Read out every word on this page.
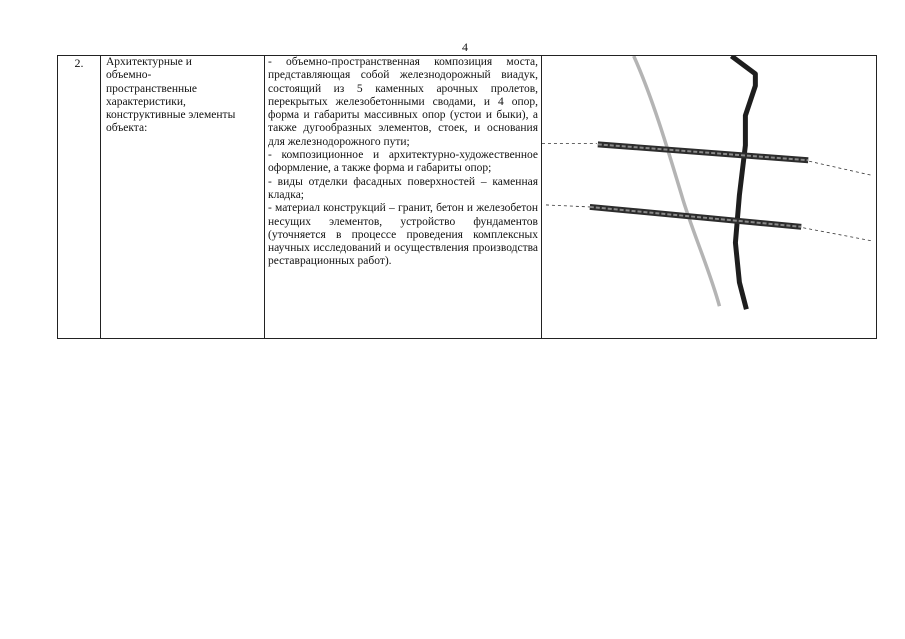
4
2.	Архитектурные и
объемно-
пространственные
характеристики,
конструктивные элементы
объекта:

- объемно-пространственная композиция моста, представляющая собой железнодорожный виадук, состоящий из 5 каменных арочных пролетов, перекрытых железобетонными сводами, и 4 опор, форма и габариты массивных опор (устои и быки), а также дугообразных элементов, стоек, и основания для железнодорожного пути;

- композиционное и архитектурно-художественное оформление, а также форма и габариты опор;

- виды отделки фасадных поверхностей – каменная кладка;

- материал конструкций – гранит, бетон и железобетон несущих элементов, устройство фундаментов (уточняется в процессе проведения комплексных научных исследований и осуществления производства реставрационных работ).
